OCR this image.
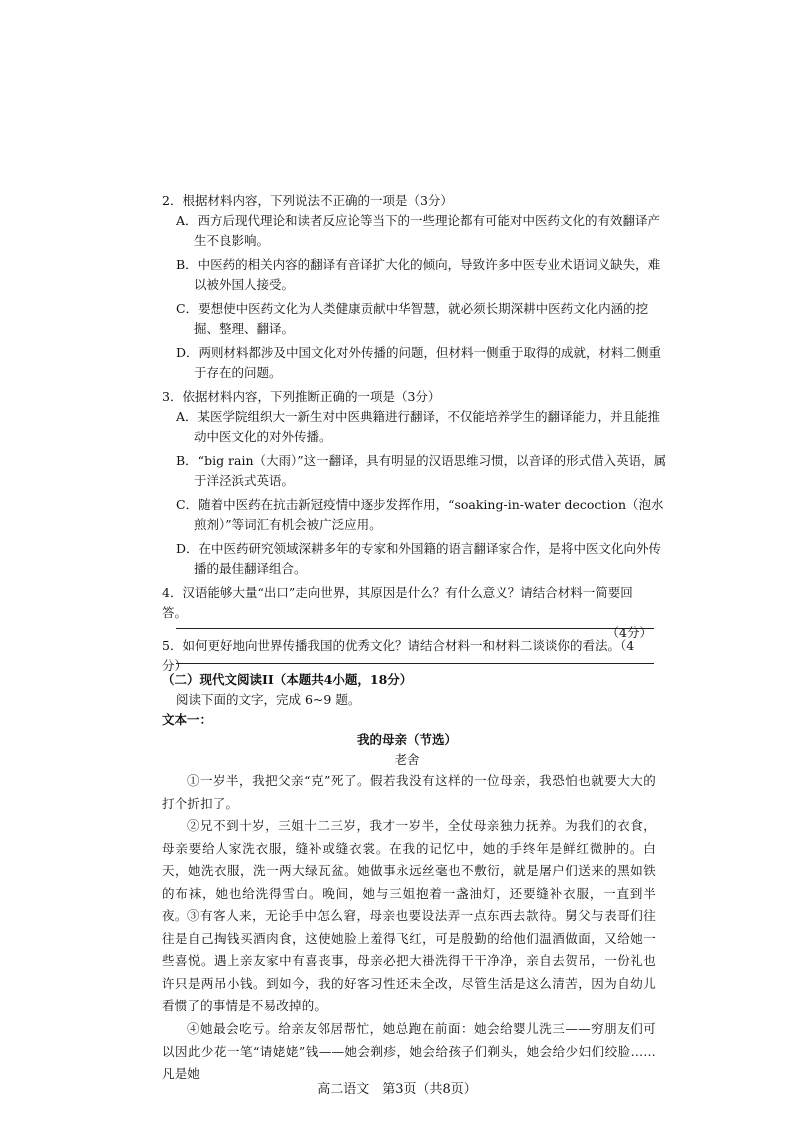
2．根据材料内容，下列说法不正确的一项是（3分）

A．西方后现代理论和读者反应论等当下的一些理论都有可能对中医药文化的有效翻译产生不良影响。

B．中医药的相关内容的翻译有音译扩大化的倾向，导致许多中医专业术语词义缺失，难以被外国人接受。

C．要想使中医药文化为人类健康贡献中华智慧，就必须长期深耕中医药文化内涵的挖掘、整理、翻译。

D．两则材料都涉及中国文化对外传播的问题，但材料一侧重于取得的成就，材料二侧重于存在的问题。

3．依据材料内容，下列推断正确的一项是（3分）

A．某医学院组织大一新生对中医典籍进行翻译，不仅能培养学生的翻译能力，并且能推动中医文化的对外传播。

B．“big rain（大雨）”这一翻译，具有明显的汉语思维习惯，以音译的形式借入英语，属于洋泾浜式英语。

C．随着中医药在抗击新冠疫情中逐步发挥作用，“soaking-in-water decoction（泡水煎剂）”等词汇有机会被广泛应用。

D．在中医药研究领域深耕多年的专家和外国籍的语言翻译家合作，是将中医文化向外传播的最佳翻译组合。

4．汉语能够大量“出口”走向世界，其原因是什么？有什么意义？请结合材料一简要回答。
（4分）

5．如何更好地向世界传播我国的优秀文化？请结合材料一和材料二谈谈你的看法。（4分）

（二）现代文阅读II（本题共4小题，18分）

阅读下面的文字，完成 6~9 题。

文本一：

我的母亲（节选）

老舍

①一岁半，我把父亲“克”死了。假若我没有这样的一位母亲，我恐怕也就要大大的打个折扣了。

②兄不到十岁，三姐十二三岁，我才一岁半，全仗母亲独力抚养。为我们的衣食，母亲要给人家洗衣服，缝补或缝衣裳。在我的记忆中，她的手终年是鲜红微肿的。白天，她洗衣服，洗一两大绿瓦盆。她做事永远丝毫也不敷衍，就是屠户们送来的黑如铁的布袜，她也给洗得雪白。晚间，她与三姐抱着一盏油灯，还要缝补衣服，一直到半夜。 ③有客人来，无论手中怎么窘，母亲也要设法弄一点东西去款待。舅父与表哥们往往是自己掏钱买酒肉食，这使她脸上羞得飞红，可是殷勤的给他们温酒做面，又给她一些喜悦。遇上亲友家中有喜丧事，母亲必把大褂洗得干干净净，亲自去贺吊，一份礼也许只是两吊小钱。到如今，我的好客习性还未全改，尽管生活是这么清苦，因为自幼儿看惯了的事情是不易改掉的。

④她最会吃亏。给亲友邻居帮忙，她总跑在前面：她会给婴儿洗三——穷朋友们可以因此少花一笔“请姥姥”钱——她会剃疹，她会给孩子们剃头，她会给少妇们绞脸……凡是她

高二语文　第3页（共8页）
